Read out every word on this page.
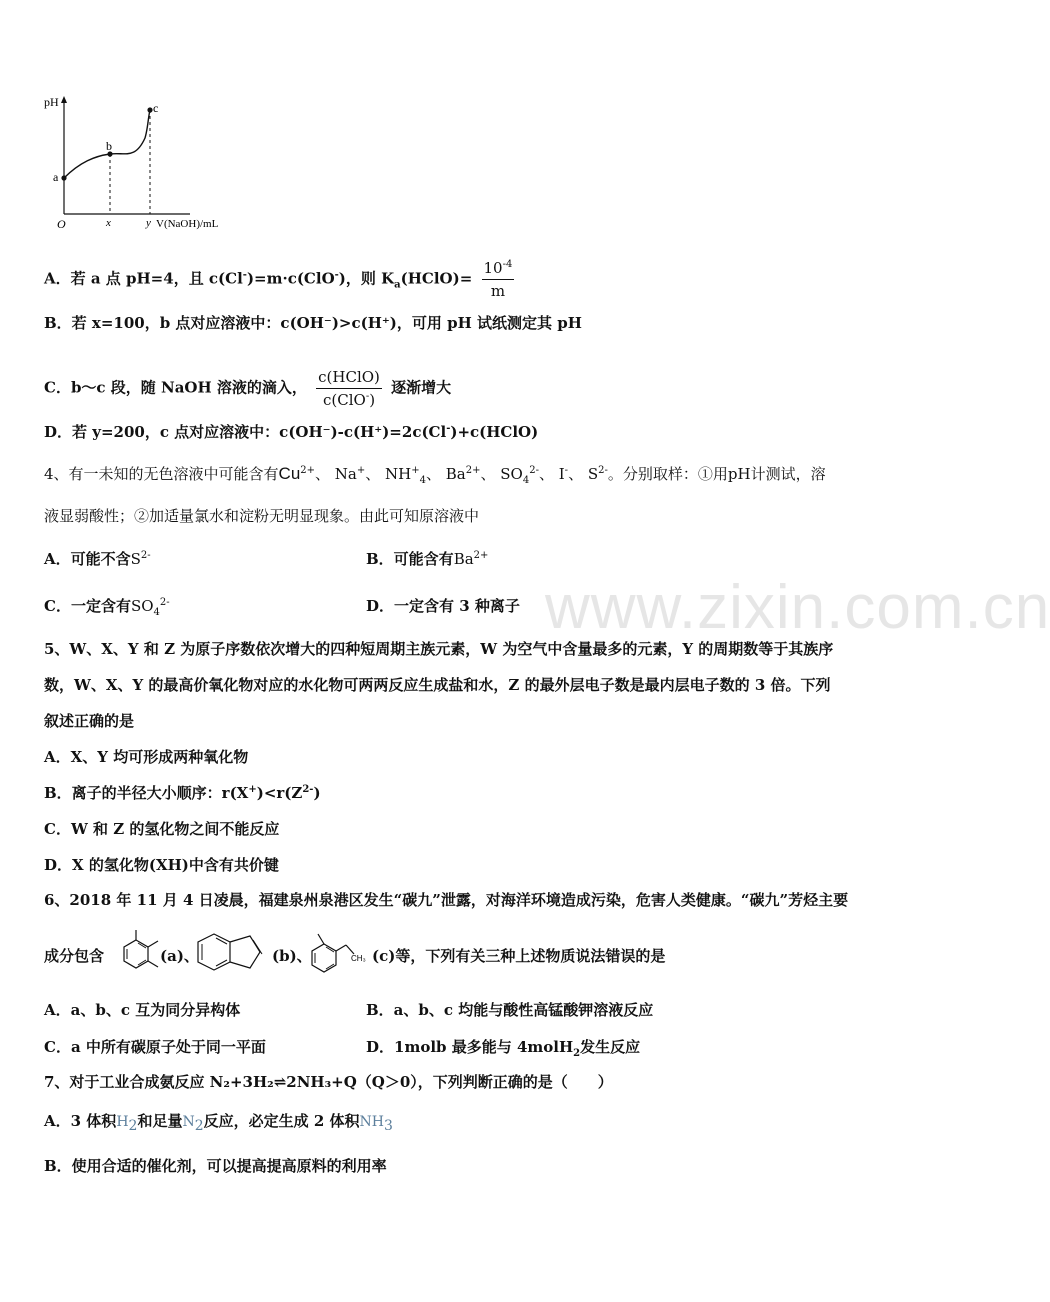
www.zixin.com.cn
pH
a
b
c
O	x	y V(NaOH)/mL
A．若 a 点 pH=4，且 c(Cl-)=m·c(ClO-)，则 $K_a(HClO)= \frac{10^{-4}}{m}$
B．若 x=100，b 点对应溶液中：c(OH⁻)>c(H⁺)，可用 pH 试纸测定其 pH
C．b～c 段，随 NaOH 溶液的滴入， $\frac{\text{c(HClO)}}{c(ClO^-)}$ 逐渐增大
D．若 y=200，c 点对应溶液中：c(OH⁻)-c(H⁺)=2c(Cl-)+c(HClO)
4、有一未知的无色溶液中可能含有$Cu^{2+}$、 Na+、 $NH^+_4$、 $Ba^{2+}$、 $SO_4^{2-}$、 I-、 $S^{2-}$。分别取样：①用pH计测试，溶
液显弱酸性；②加适量氯水和淀粉无明显现象。由此可知原溶液中
A．可能不含$S^{2-}$	B．可能含有$Ba^{2+}$
C．一定含有$SO_4^{2-}$	D．一定含有 3 种离子
5、W、X、Y 和 Z 为原子序数依次增大的四种短周期主族元素，W 为空气中含量最多的元素，Y 的周期数等于其族序
数，W、X、Y 的最高价氧化物对应的水化物可两两反应生成盐和水，Z 的最外层电子数是最内层电子数的 3 倍。下列
叙述正确的是
A．X、Y 均可形成两种氧化物
B．离子的半径大小顺序：$r(X^+)<r(Z^{2-})$
C．W 和 Z 的氢化物之间不能反应
D．X 的氢化物(XH)中含有共价键
6、2018 年 11 月 4 日凌晨，福建泉州泉港区发生“碳九”泄露，对海洋环境造成污染，危害人类健康。“碳九”芳烃主要
成分包含	(a)、	(b)、	CH₃ (c)等，下列有关三种上述物质说法错误的是
A．a、b、c 互为同分异构体	B．a、b、c 均能与酸性高锰酸钾溶液反应
C．a 中所有碳原子处于同一平面	D．1molb 最多能与 4molH$_2$发生反应
7、对于工业合成氨反应 N₂+3H₂⇌2NH₃+Q（Q＞0），下列判断正确的是（　　）
A．3 体积$H_2$和足量$N_2$反应，必定生成 2 体积$NH_3$
B．使用合适的催化剂，可以提高提高原料的利用率
